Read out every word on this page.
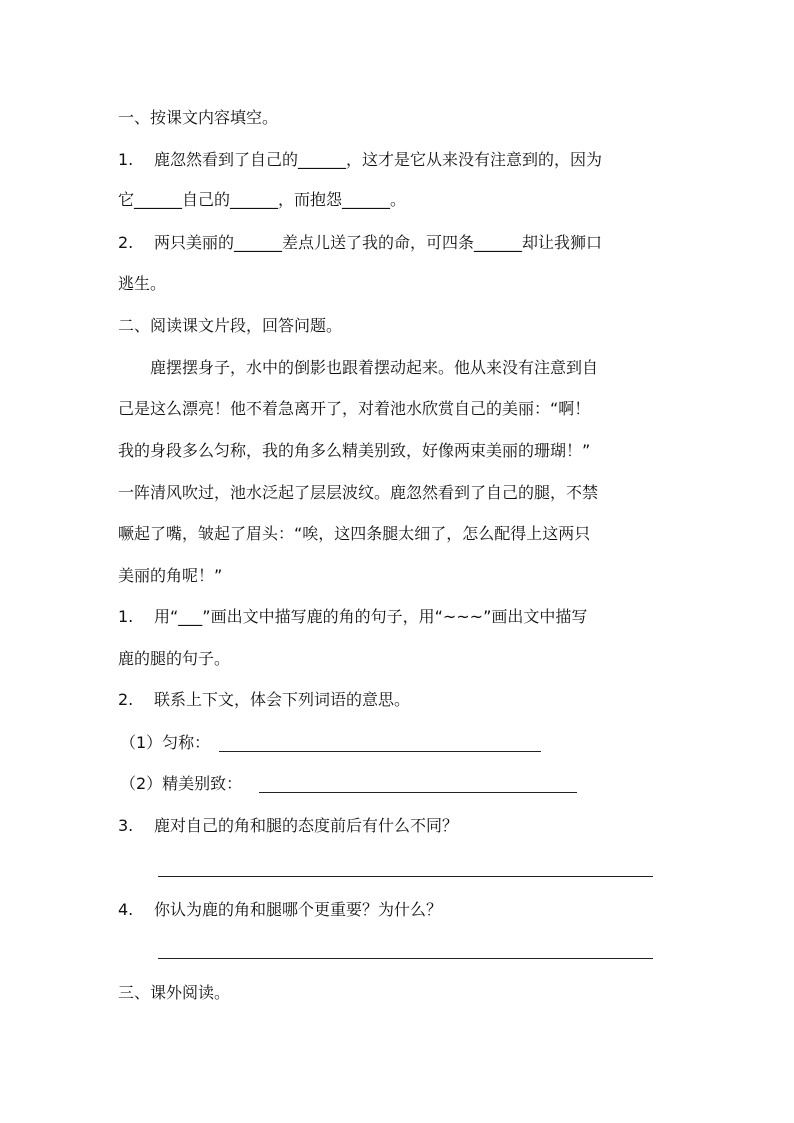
一、按课文内容填空。
1. 鹿忽然看到了自己的______，这才是它从来没有注意到的，因为
它______自己的______，而抱怨______。
2. 两只美丽的______差点儿送了我的命，可四条______却让我狮口
逃生。
二、阅读课文片段，回答问题。
鹿摆摆身子，水中的倒影也跟着摆动起来。他从来没有注意到自
己是这么漂亮！他不着急离开了，对着池水欣赏自己的美丽：“啊！
我的身段多么匀称，我的角多么精美别致，好像两束美丽的珊瑚！”
一阵清风吹过，池水泛起了层层波纹。鹿忽然看到了自己的腿，不禁
噘起了嘴，皱起了眉头：“唉，这四条腿太细了，怎么配得上这两只
美丽的角呢！”
1. 用“___”画出文中描写鹿的角的句子，用“~~~”画出文中描写
鹿的腿的句子。
2. 联系上下文，体会下列词语的意思。
（1）匀称：
（2）精美别致：
3. 鹿对自己的角和腿的态度前后有什么不同？
4. 你认为鹿的角和腿哪个更重要？为什么？
三、课外阅读。
